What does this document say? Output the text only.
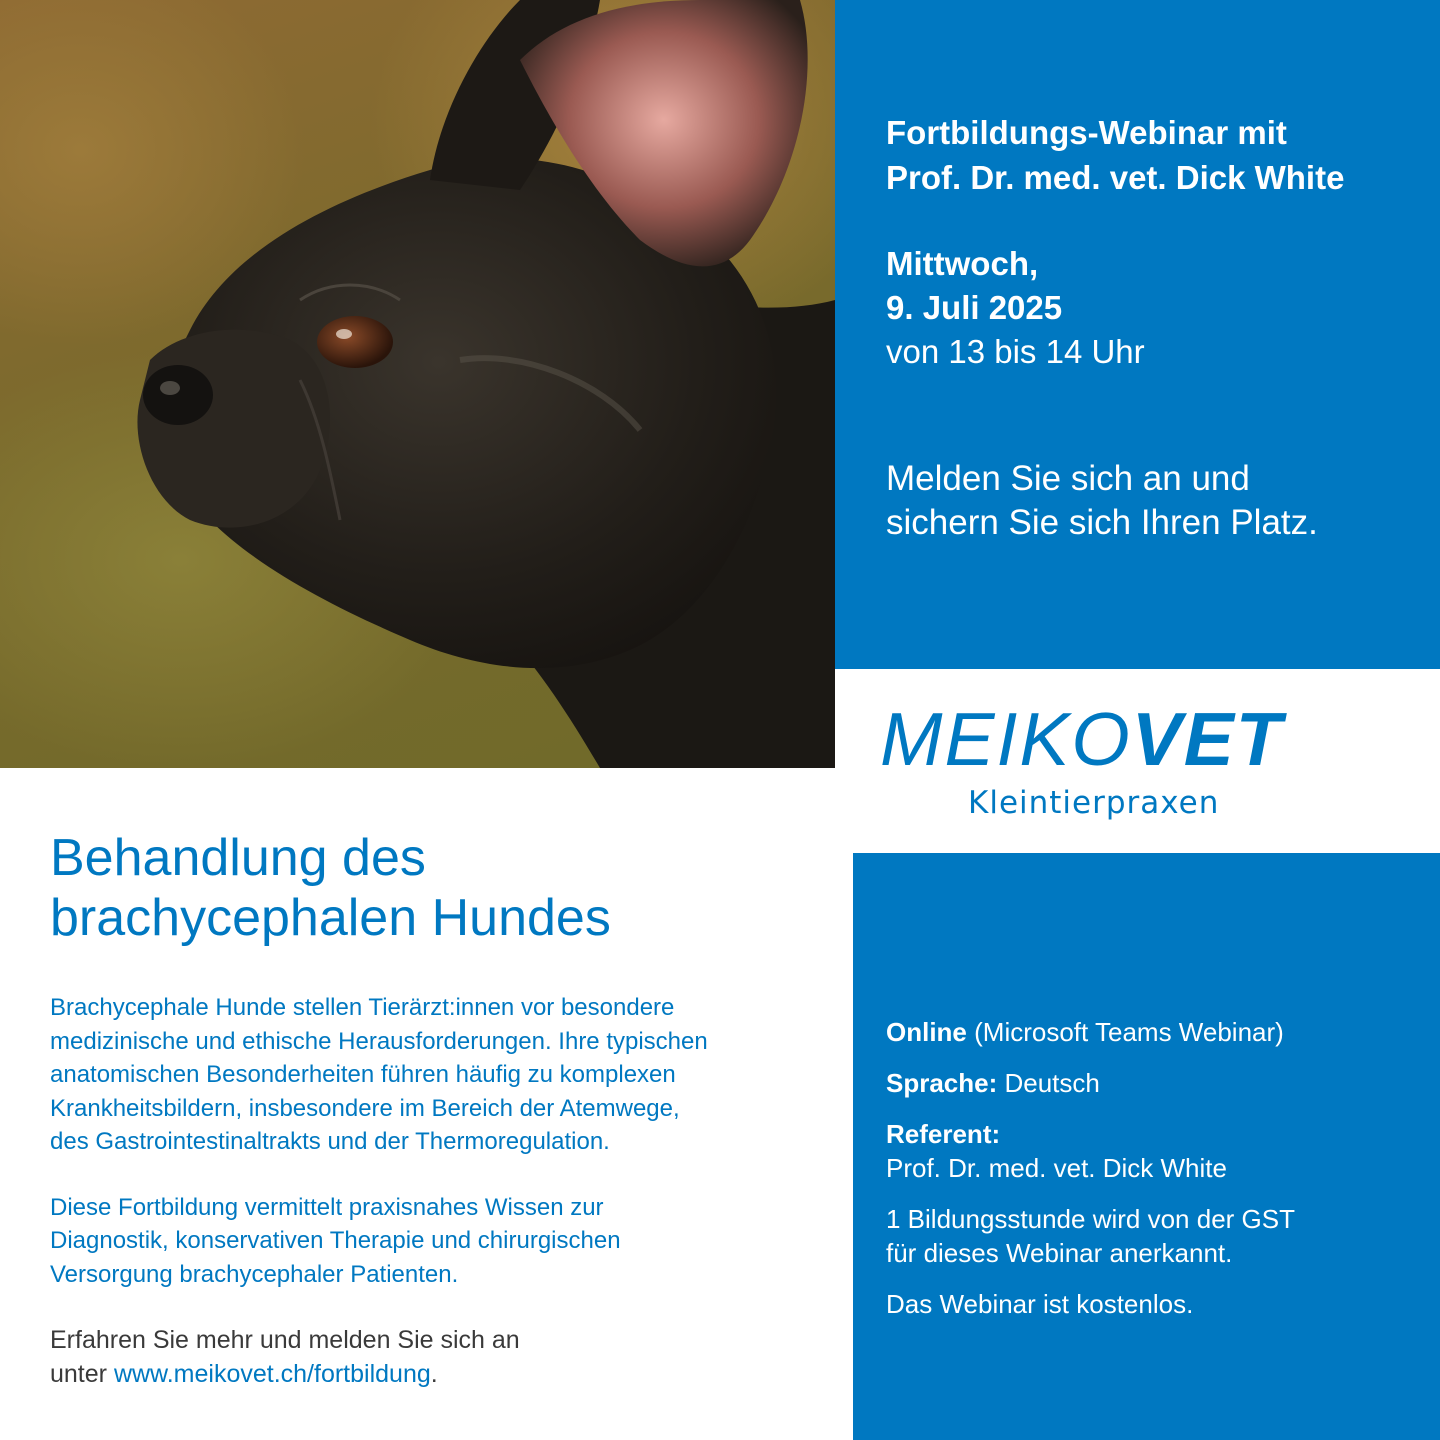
Fortbildungs-Webinar mit
Prof. Dr. med. vet. Dick White

Mittwoch,
9. Juli 2025

von 13 bis 14 Uhr

Melden Sie sich an und
sichern Sie sich Ihren Platz.

MEIKOVET
Kleintierpraxen
Behandlung des
brachycephalen Hundes

Brachycephale Hunde stellen Tierärzt:innen vor besondere
medizinische und ethische Herausforderungen. Ihre typischen
anatomischen Besonderheiten führen häufig zu komplexen
Krankheitsbildern, insbesondere im Bereich der Atemwege,
des Gastrointestinaltrakts und der Thermoregulation.

Diese Fortbildung vermittelt praxisnahes Wissen zur
Diagnostik, konservativen Therapie und chirurgischen
Versorgung brachycephaler Patienten.

Erfahren Sie mehr und melden Sie sich an
unter www.meikovet.ch/fortbildung.

Online (Microsoft Teams Webinar)

Sprache: Deutsch

Referent:

Prof. Dr. med. vet. Dick White

1 Bildungsstunde wird von der GST
für dieses Webinar anerkannt.

Das Webinar ist kostenlos.
